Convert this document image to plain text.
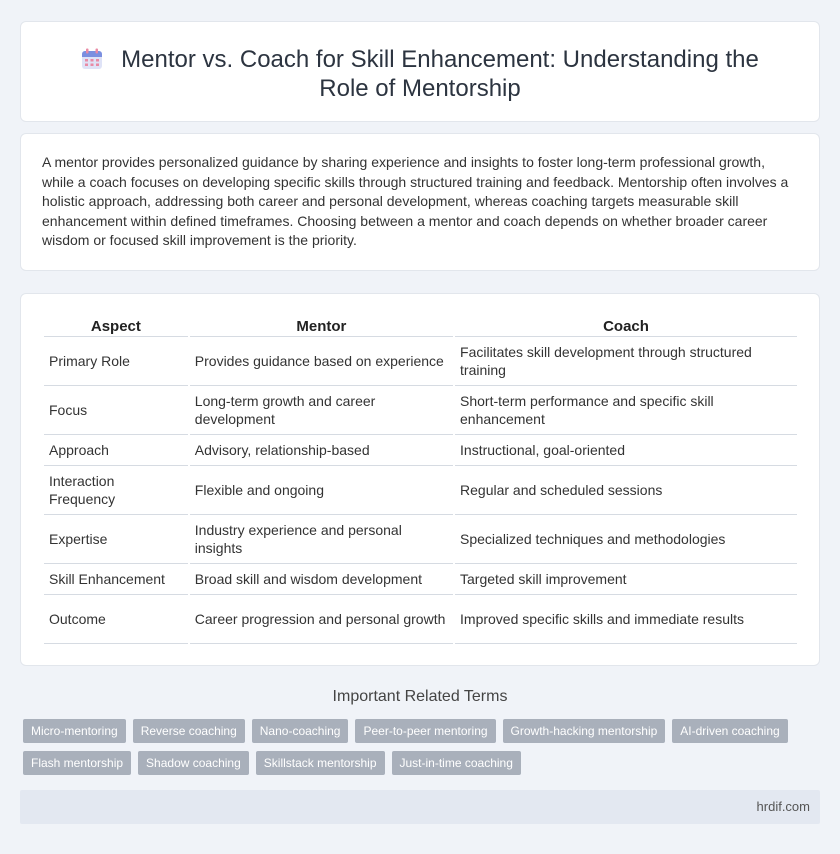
Mentor vs. Coach for Skill Enhancement: Understanding the Role of Mentorship

A mentor provides personalized guidance by sharing experience and insights to foster long-term professional growth, while a coach focuses on developing specific skills through structured training and feedback. Mentorship often involves a holistic approach, addressing both career and personal development, whereas coaching targets measurable skill enhancement within defined timeframes. Choosing between a mentor and coach depends on whether broader career wisdom or focused skill improvement is the priority.

Aspect	Mentor	Coach
Primary Role	Provides guidance based on experience	Facilitates skill development through structured training
Focus	Long-term growth and career development	Short-term performance and specific skill enhancement
Approach	Advisory, relationship-based	Instructional, goal-oriented
Interaction Frequency	Flexible and ongoing	Regular and scheduled sessions
Expertise	Industry experience and personal insights	Specialized techniques and methodologies
Skill Enhancement	Broad skill and wisdom development	Targeted skill improvement
Outcome	Career progression and personal growth	Improved specific skills and immediate results
Important Related Terms
Micro-mentoring	Reverse coaching	Nano-coaching	Peer-to-peer mentoring	Growth-hacking mentorship	AI-driven coaching
Flash mentorship	Shadow coaching	Skillstack mentorship	Just-in-time coaching
hrdif.com
